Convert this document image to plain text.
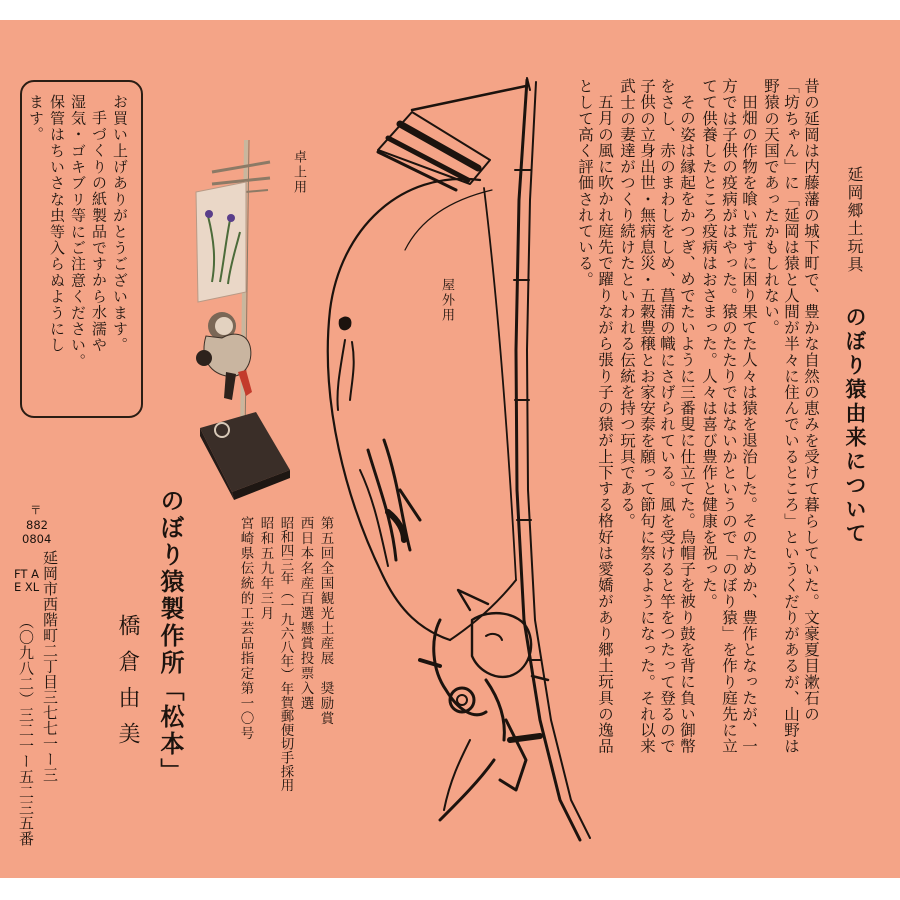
延岡郷土玩具
のぼり猿由来について
昔の延岡は内藤藩の城下町で、豊かな自然の恵みを受けて暮らしていた。文豪夏目漱石の
「坊ちゃん」に「延岡は猿と人間が半々に住んでいるところ」というくだりがあるが、山野は
野猿の天国であったかもしれない。
田畑の作物を喰い荒すに困り果てた人々は猿を退治した。そのためか、豊作となったが、一
方では子供の疫病がはやった。猿のたたりではないかというので「のぼり猿」を作り庭先に立
てて供養したところ疫病はおさまった。人々は喜び豊作と健康を祝った。
その姿は縁起をかつぎ、めでたいように三番叟に仕立てた。烏帽子を被り鼓を背に負い御幣
をさし、赤のまわしをしめ、菖蒲の幟にさげられている。風を受けると竿をつたって登るので
子供の立身出世・無病息災・五穀豊穣とお家安泰を願って節句に祭るようになった。それ以来
武士の妻達がつくり続けたといわれる伝統を持つ玩具である。
五月の風に吹かれ庭先で躍りながら張り子の猿が上下する格好は愛嬌があり郷土玩具の逸品
として高く評価されている。
屋外用
卓上用
お買い上げありがとうございます。
手づくりの紙製品ですから水濡や
湿気・ゴキブリ等にご注意ください。
保管はちいさな虫等入らぬようにし
ます。
第五回全国観光土産展　奨励賞
西日本名産百選懸賞投票入選
昭和四三年（一九六八年）年賀郵便切手採用
昭和五九年三月
宮崎県伝統的工芸品指定第一〇号
のぼり猿製作所「松本」
橋倉由美
〒
882
0804
延岡市西階町二丁目三七七一ー三
FT AE XL
（〇九八二）三二一ー五二三五番
